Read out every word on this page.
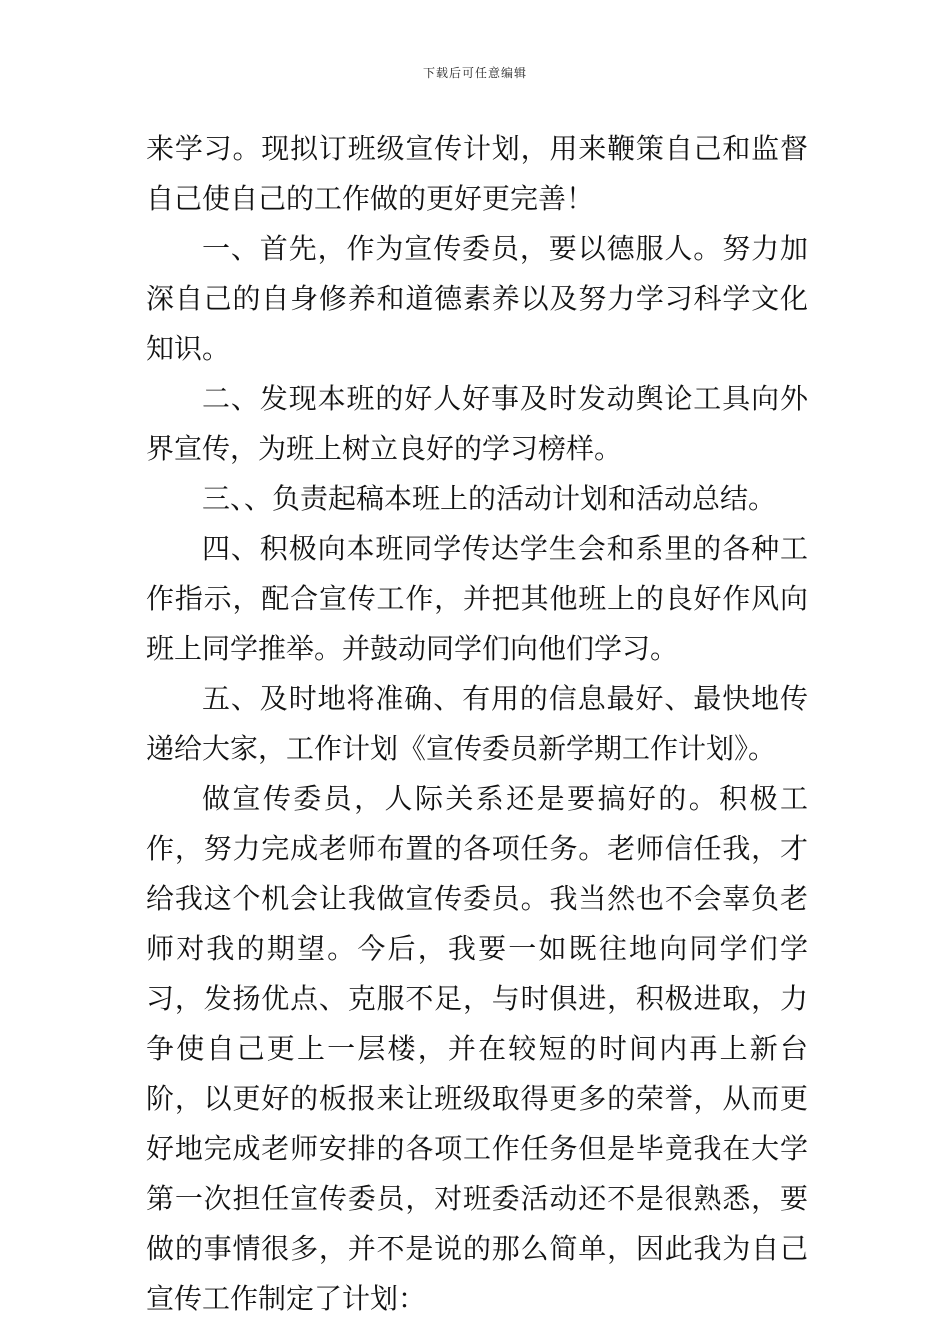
下载后可任意编辑

来学习。现拟订班级宣传计划，用来鞭策自己和监督自己使自己的工作做的更好更完善！

一、首先，作为宣传委员，要以德服人。努力加深自己的自身修养和道德素养以及努力学习科学文化知识。

二、发现本班的好人好事及时发动舆论工具向外界宣传，为班上树立良好的学习榜样。

三、、负责起稿本班上的活动计划和活动总结。

四、积极向本班同学传达学生会和系里的各种工作指示，配合宣传工作，并把其他班上的良好作风向班上同学推举。并鼓动同学们向他们学习。

五、及时地将准确、有用的信息最好、最快地传递给大家，工作计划《宣传委员新学期工作计划》。

做宣传委员，人际关系还是要搞好的。积极工作，努力完成老师布置的各项任务。老师信任我，才给我这个机会让我做宣传委员。我当然也不会辜负老师对我的期望。今后，我要一如既往地向同学们学习，发扬优点、克服不足，与时俱进，积极进取，力争使自己更上一层楼，并在较短的时间内再上新台阶，以更好的板报来让班级取得更多的荣誉，从而更好地完成老师安排的各项工作任务但是毕竟我在大学第一次担任宣传委员，对班委活动还不是很熟悉，要做的事情很多，并不是说的那么简单，因此我为自己宣传工作制定了计划：
